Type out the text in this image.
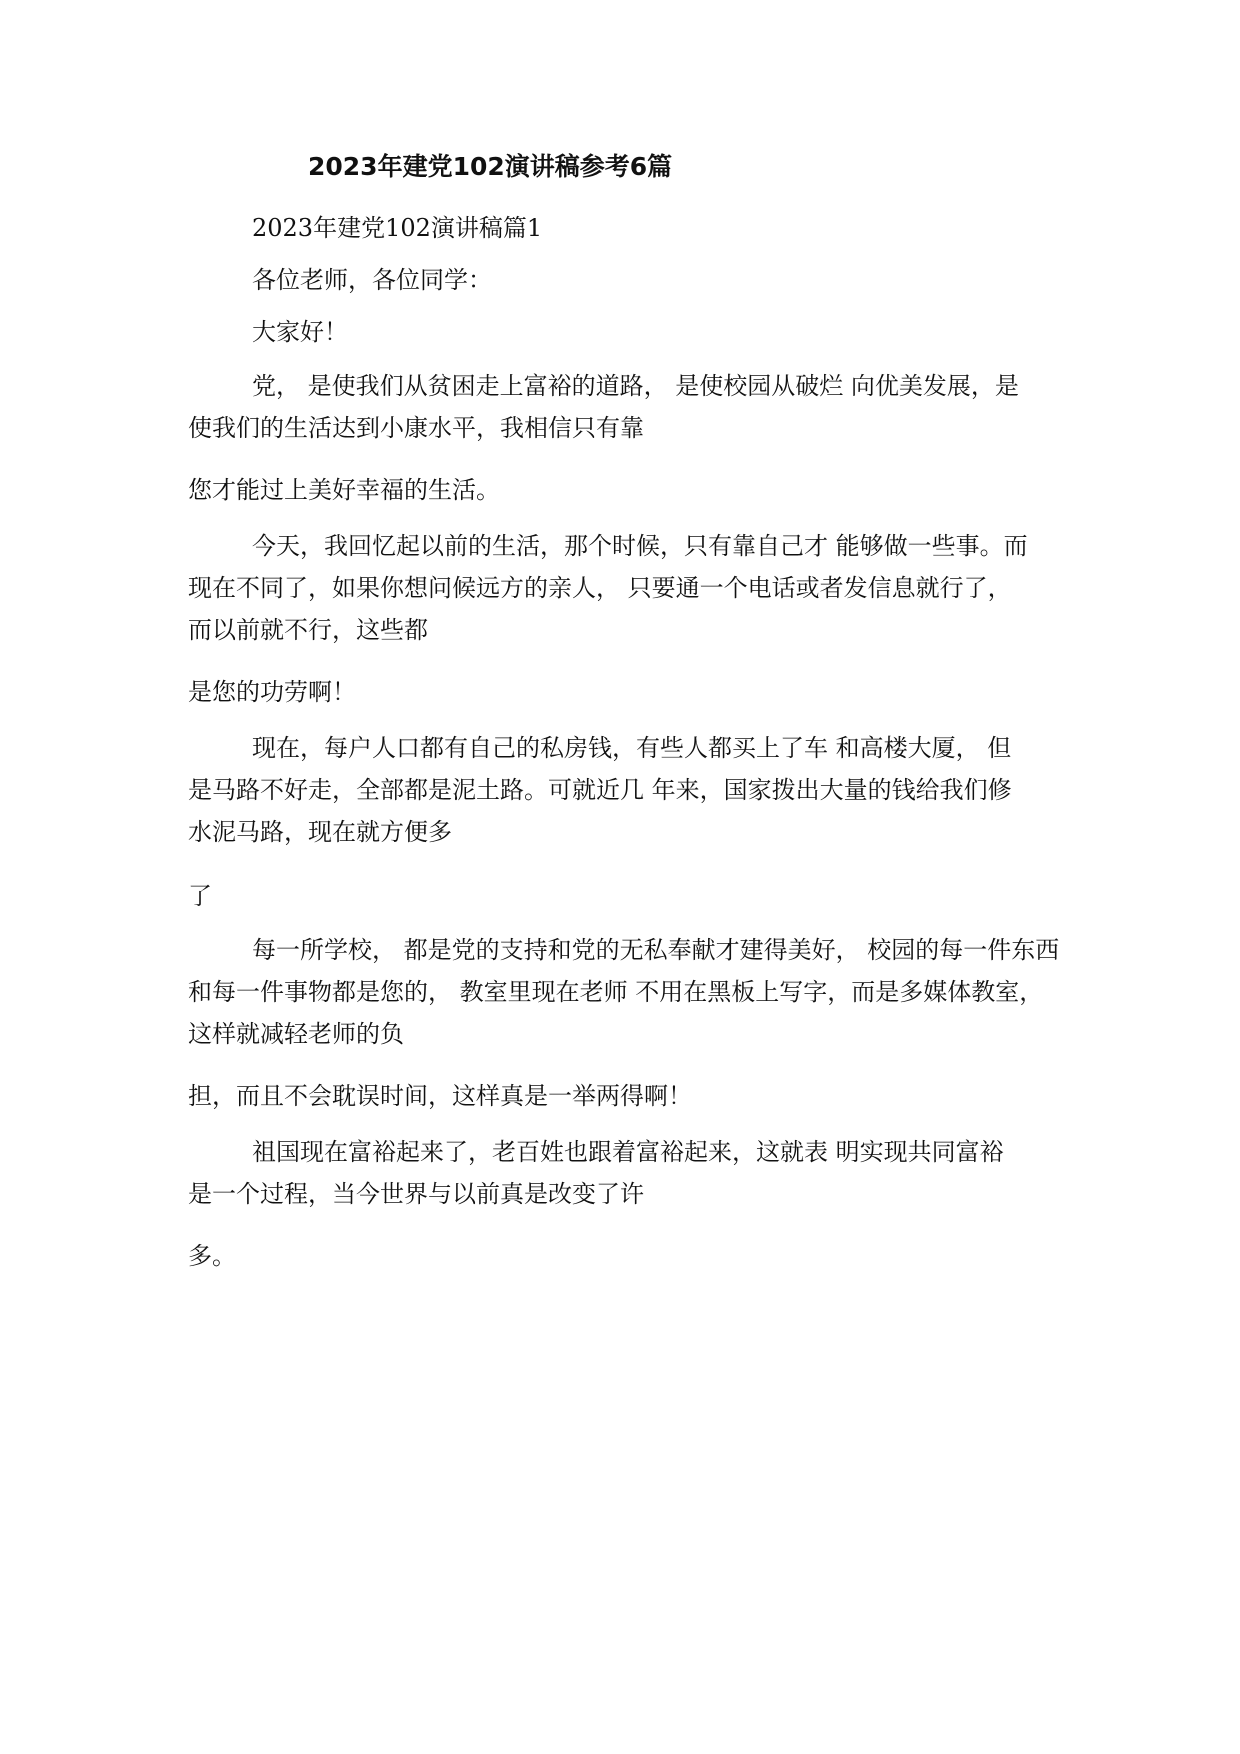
2023年建党102演讲稿参考6篇
2023年建党102演讲稿篇1
各位老师，各位同学：
大家好！
党， 是使我们从贫困走上富裕的道路， 是使校园从破烂 向优美发展，是
使我们的生活达到小康水平，我相信只有靠
您才能过上美好幸福的生活。
今天，我回忆起以前的生活，那个时候，只有靠自己才 能够做一些事。而
现在不同了，如果你想问候远方的亲人， 只要通一个电话或者发信息就行了，
而以前就不行，这些都
是您的功劳啊！
现在，每户人口都有自己的私房钱，有些人都买上了车 和高楼大厦， 但
是马路不好走，全部都是泥土路。可就近几 年来，国家拨出大量的钱给我们修
水泥马路，现在就方便多
了
每一所学校， 都是党的支持和党的无私奉献才建得美好， 校园的每一件东西
和每一件事物都是您的， 教室里现在老师 不用在黑板上写字，而是多媒体教室，
这样就减轻老师的负
担，而且不会耽误时间，这样真是一举两得啊！
祖国现在富裕起来了，老百姓也跟着富裕起来，这就表 明实现共同富裕
是一个过程，当今世界与以前真是改变了许
多。
